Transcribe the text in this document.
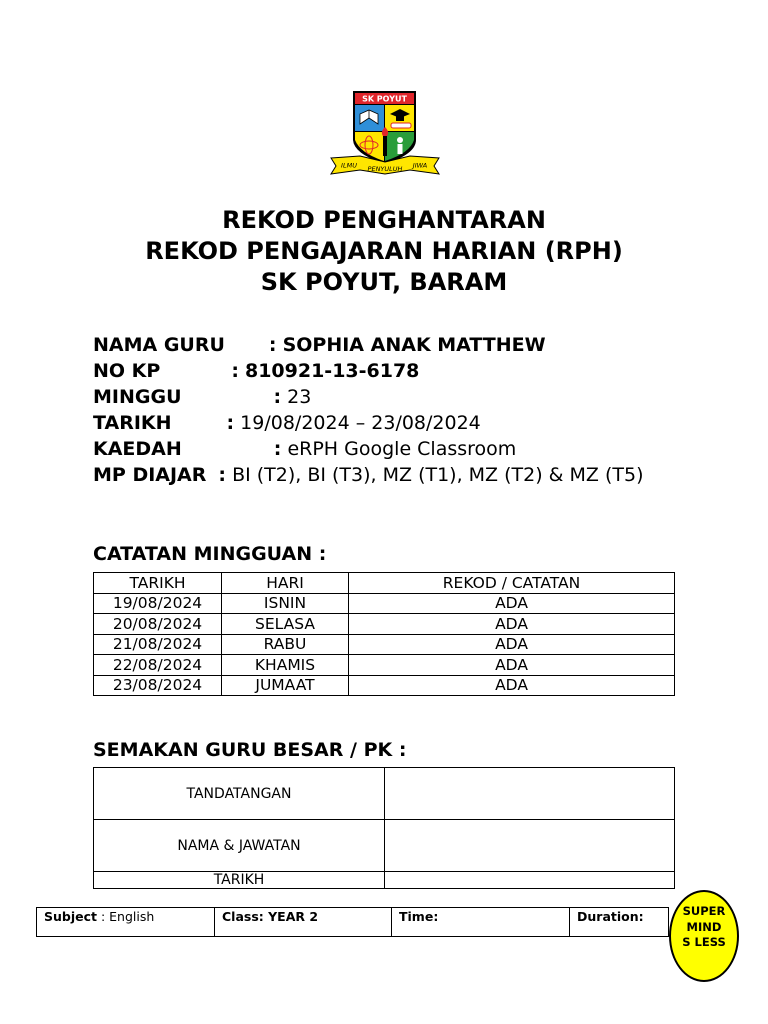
SK POYUT
ILMU PENYULUH	JIWA
REKOD PENGHANTARAN
REKOD PENGAJARAN HARIAN (RPH)
SK POYUT, BARAM
NAMA GURU : SOPHIA ANAK MATTHEW
NO KP	: 810921-13-6178
MINGGU	: 23
TARIKH	: 19/08/2024 – 23/08/2024
KAEDAH	: eRPH Google Classroom
MP DIAJAR : BI (T2), BI (T3), MZ (T1), MZ (T2) & MZ (T5)
CATATAN MINGGUAN :
TARIKH	HARI	REKOD / CATATAN
19/08/2024	ISNIN	ADA
20/08/2024	SELASA	ADA
21/08/2024	RABU	ADA
22/08/2024	KHAMIS	ADA
23/08/2024	JUMAAT	ADA
SEMAKAN GURU BESAR / PK :
TANDATANGAN	
NAMA & JAWATAN	
TARIKH	
Subject : English	Class: YEAR 2	Time:	Duration:	SUPER MIND S LESS
